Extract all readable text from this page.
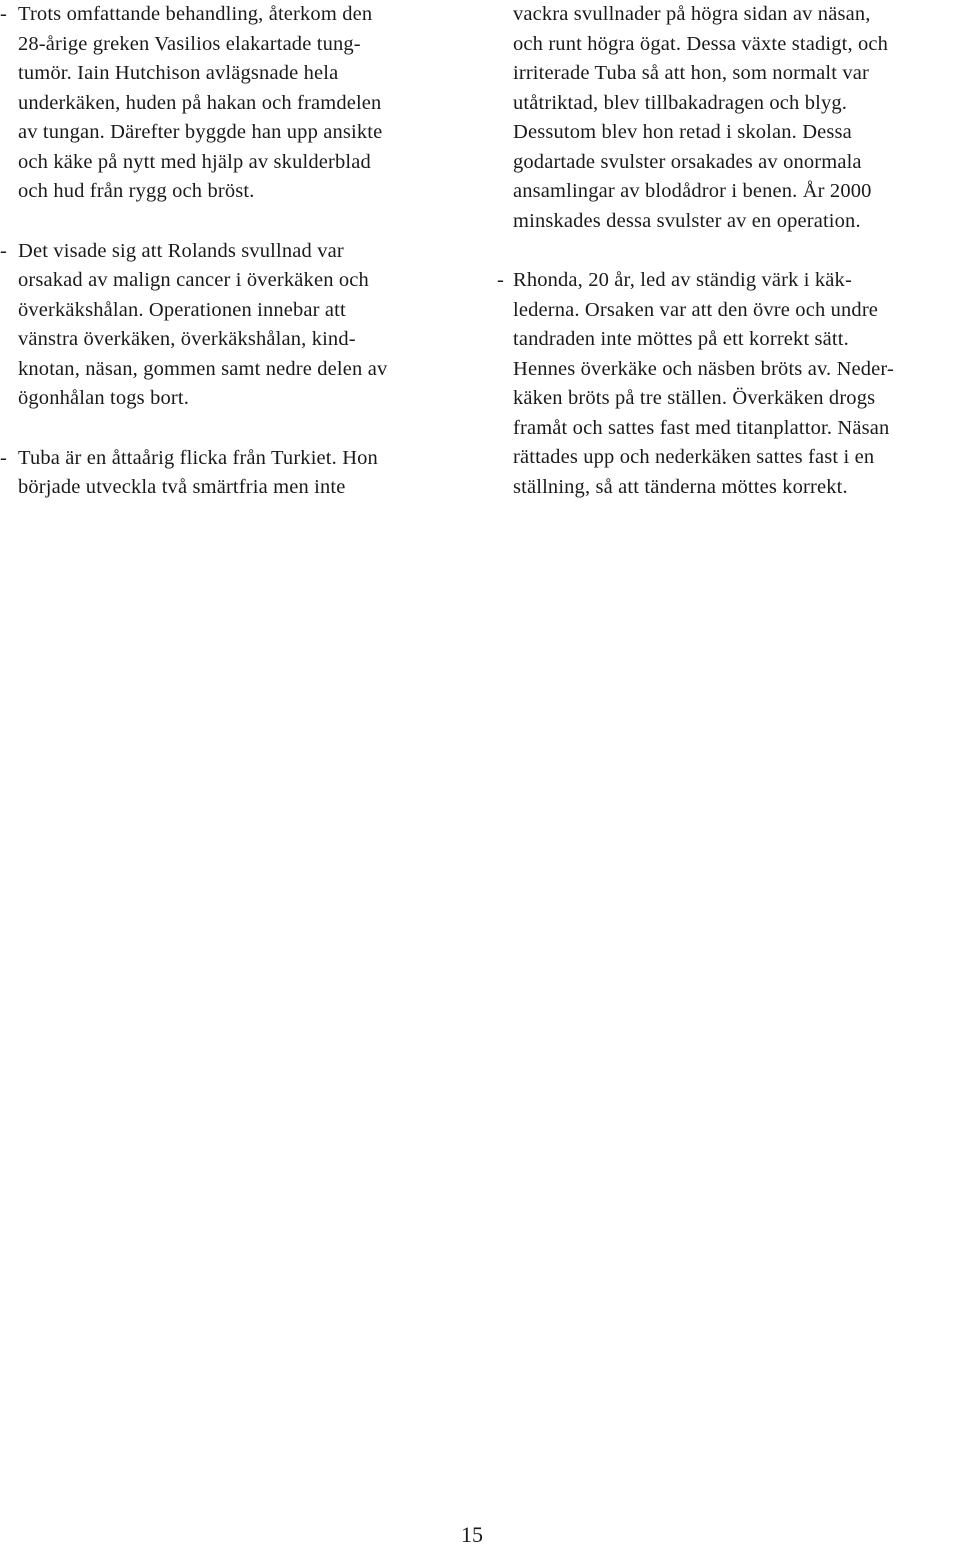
- Trots omfattande behandling, återkom den
28-årige greken Vasilios elakartade tung-
tumör. Iain Hutchison avlägsnade hela
underkäken, huden på hakan och framdelen
av tungan. Därefter byggde han upp ansikte
och käke på nytt med hjälp av skulderblad
och hud från rygg och bröst.

- Det visade sig att Rolands svullnad var
orsakad av malign cancer i överkäken och
överkäkshålan. Operationen innebar att
vänstra överkäken, överkäkshålan, kind-
knotan, näsan, gommen samt nedre delen av
ögonhålan togs bort.

- Tuba är en åttaårig flicka från Turkiet. Hon
började utveckla två smärtfria men inte

vackra svullnader på högra sidan av näsan,
och runt högra ögat. Dessa växte stadigt, och
irriterade Tuba så att hon, som normalt var
utåtriktad, blev tillbakadragen och blyg.
Dessutom blev hon retad i skolan. Dessa
godartade svulster orsakades av onormala
ansamlingar av blodådror i benen. År 2000
minskades dessa svulster av en operation.

- Rhonda, 20 år, led av ständig värk i käk-
lederna. Orsaken var att den övre och undre
tandraden inte möttes på ett korrekt sätt.
Hennes överkäke och näsben bröts av. Neder-
käken bröts på tre ställen. Överkäken drogs
framåt och sattes fast med titanplattor. Näsan
rättades upp och nederkäken sattes fast i en
ställning, så att tänderna möttes korrekt.

15
